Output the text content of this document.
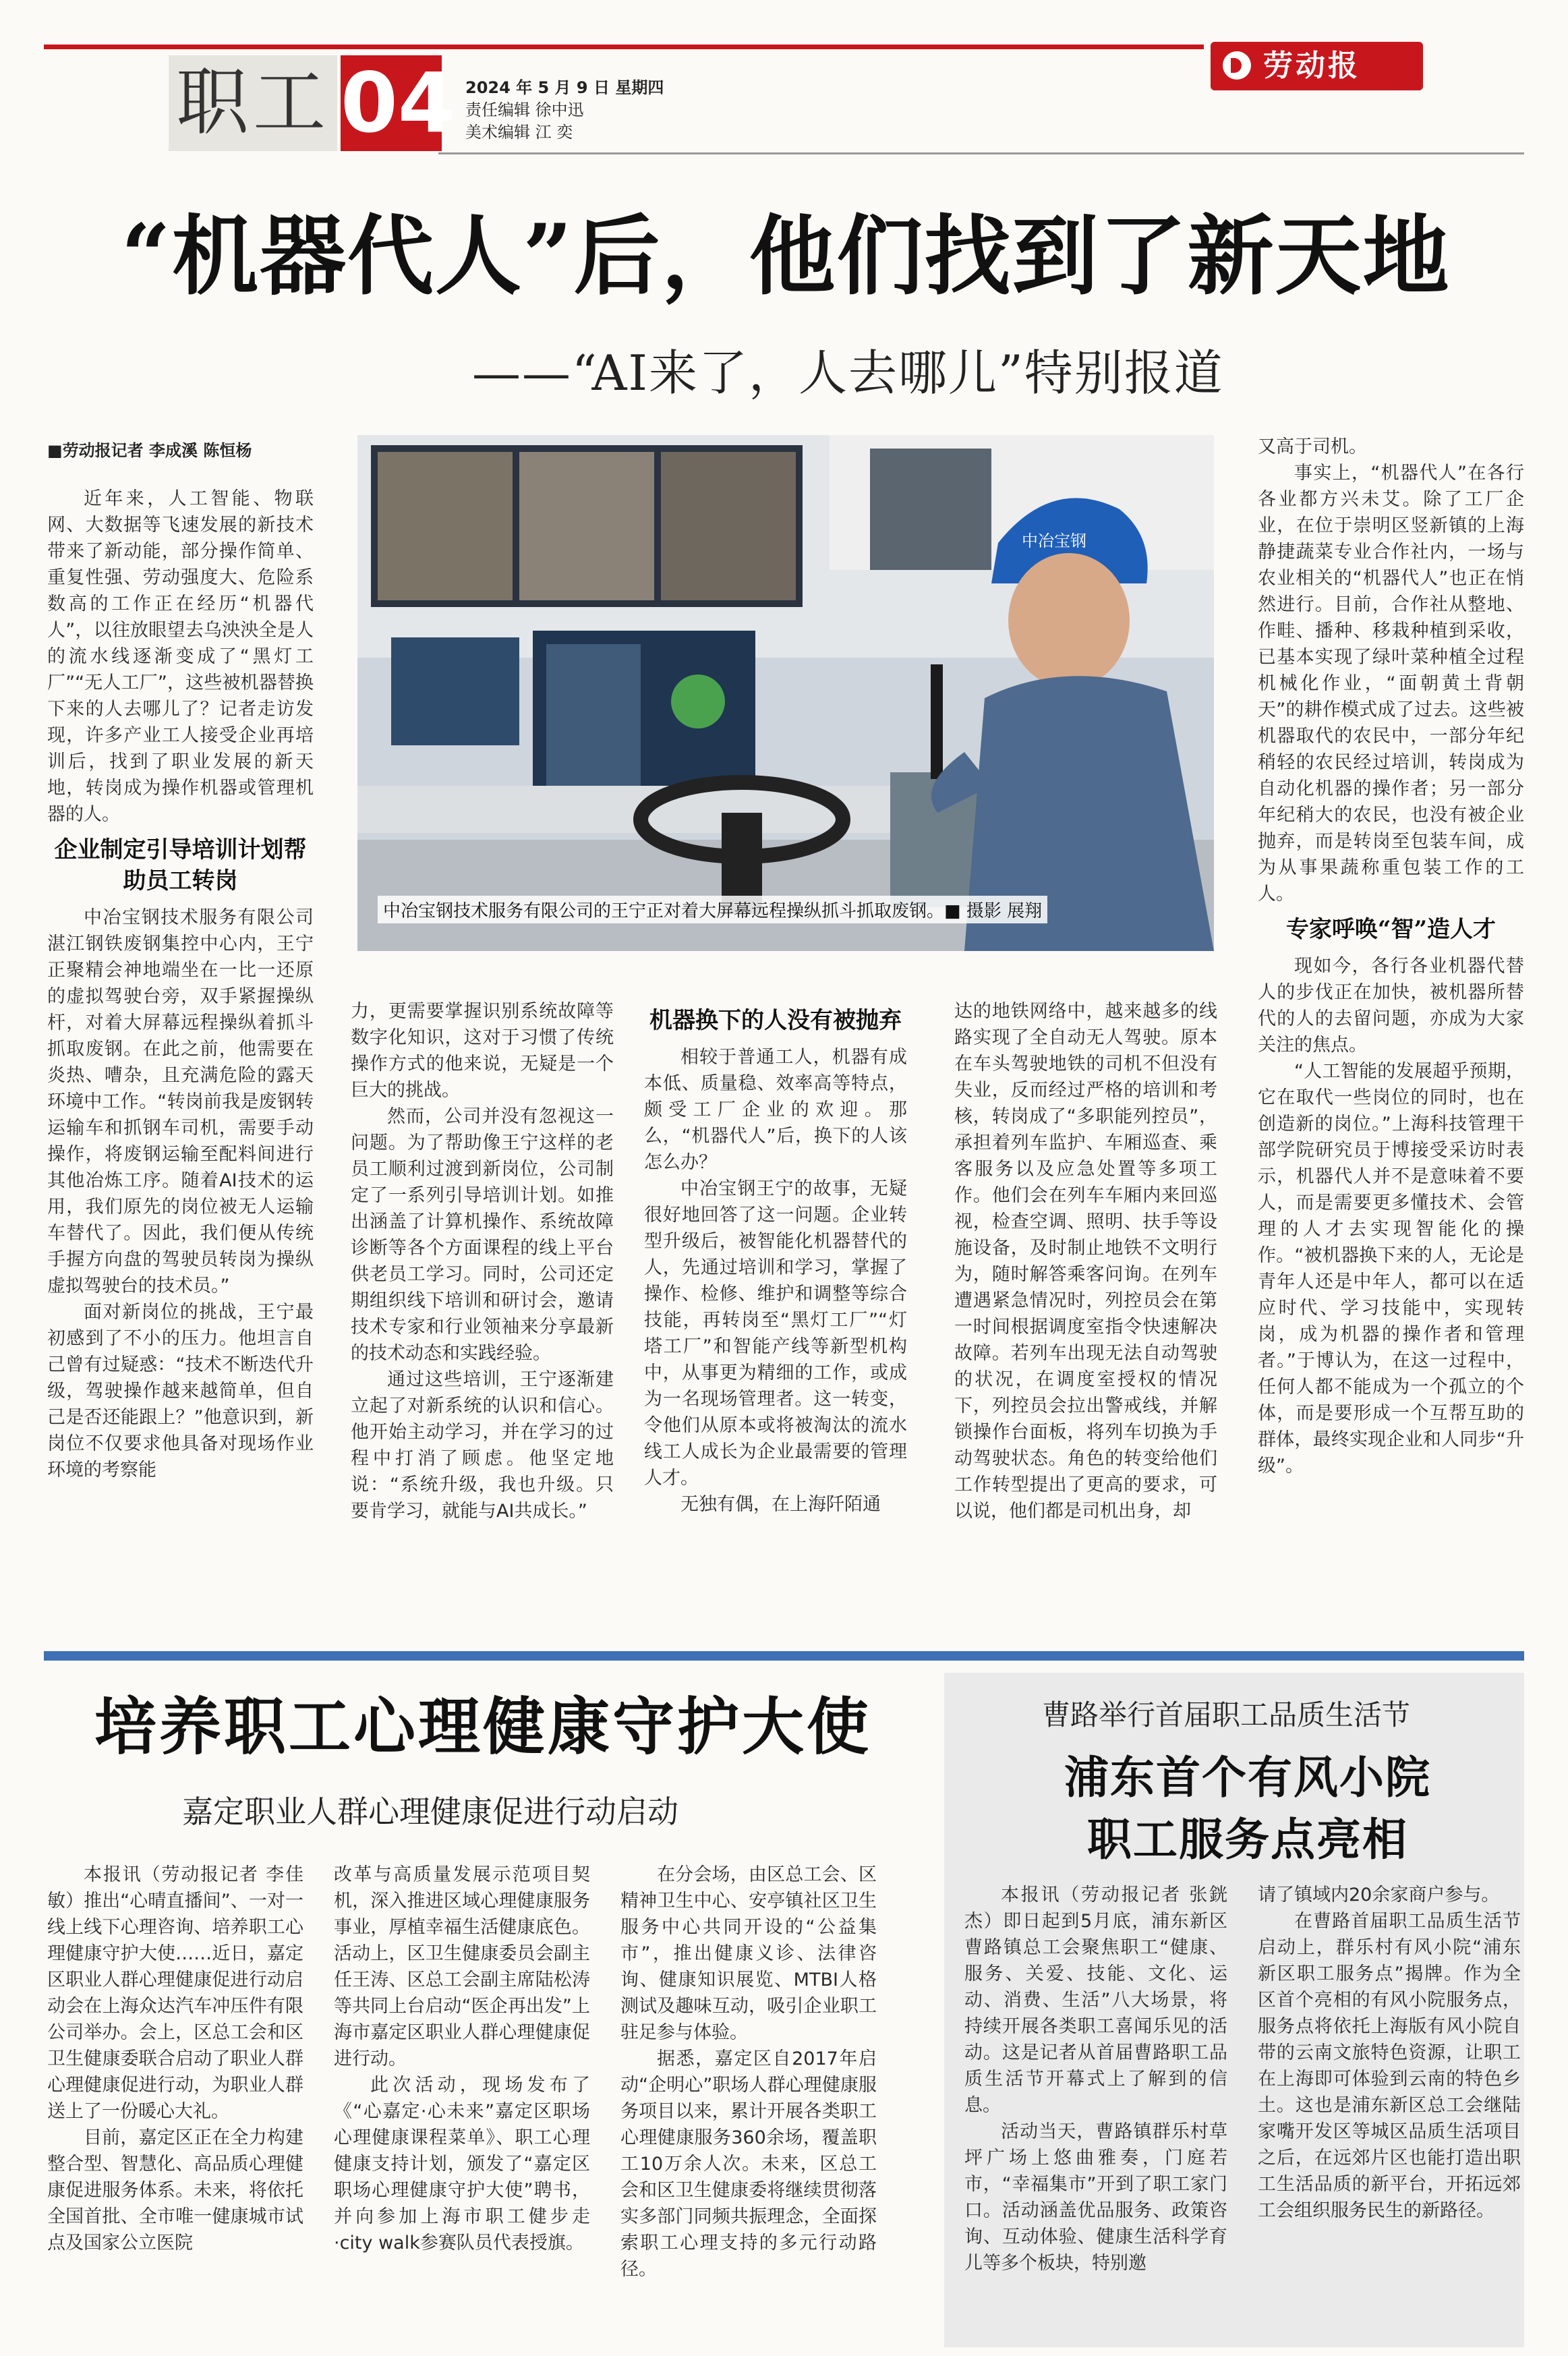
职工 04 2024 年 5 月 9 日 星期四
责任编辑 徐中迅
美术编辑 江 奕
劳动报
“机器代人”后，他们找到了新天地
——“AI来了，人去哪儿”特别报道
■劳动报记者 李成溪 陈恒杨
中冶宝钢
中冶宝钢技术服务有限公司的王宁正对着大屏幕远程操纵抓斗抓取废钢。■ 摄影 展翔

近年来，人工智能、物联网、大数据等飞速发展的新技术带来了新动能，部分操作简单、重复性强、劳动强度大、危险系数高的工作正在经历“机器代人”，以往放眼望去乌泱泱全是人的流水线逐渐变成了“黑灯工厂”“无人工厂”，这些被机器替换下来的人去哪儿了？记者走访发现，许多产业工人接受企业再培训后，找到了职业发展的新天地，转岗成为操作机器或管理机器的人。

企业制定引导培训计划帮助员工转岗

中冶宝钢技术服务有限公司湛江钢铁废钢集控中心内，王宁正聚精会神地端坐在一比一还原的虚拟驾驶台旁，双手紧握操纵杆，对着大屏幕远程操纵着抓斗抓取废钢。在此之前，他需要在炎热、嘈杂，且充满危险的露天环境中工作。“转岗前我是废钢转运输车和抓钢车司机，需要手动操作，将废钢运输至配料间进行其他冶炼工序。随着AI技术的运用，我们原先的岗位被无人运输车替代了。因此，我们便从传统手握方向盘的驾驶员转岗为操纵虚拟驾驶台的技术员。”

面对新岗位的挑战，王宁最初感到了不小的压力。他坦言自己曾有过疑惑：“技术不断迭代升级，驾驶操作越来越简单，但自己是否还能跟上？”他意识到，新岗位不仅要求他具备对现场作业环境的考察能

力，更需要掌握识别系统故障等数字化知识，这对于习惯了传统操作方式的他来说，无疑是一个巨大的挑战。

然而，公司并没有忽视这一问题。为了帮助像王宁这样的老员工顺利过渡到新岗位，公司制定了一系列引导培训计划。如推出涵盖了计算机操作、系统故障诊断等各个方面课程的线上平台供老员工学习。同时，公司还定期组织线下培训和研讨会，邀请技术专家和行业领袖来分享最新的技术动态和实践经验。

通过这些培训，王宁逐渐建立起了对新系统的认识和信心。他开始主动学习，并在学习的过程中打消了顾虑。他坚定地说：“系统升级，我也升级。只要肯学习，就能与AI共成长。”

机器换下的人没有被抛弃

相较于普通工人，机器有成本低、质量稳、效率高等特点，颇受工厂企业的欢迎。那么，“机器代人”后，换下的人该怎么办？

中冶宝钢王宁的故事，无疑很好地回答了这一问题。企业转型升级后，被智能化机器替代的人，先通过培训和学习，掌握了操作、检修、维护和调整等综合技能，再转岗至“黑灯工厂”“灯塔工厂”和智能产线等新型机构中，从事更为精细的工作，或成为一名现场管理者。这一转变，令他们从原本或将被淘汰的流水线工人成长为企业最需要的管理人才。

无独有偶，在上海阡陌通

达的地铁网络中，越来越多的线路实现了全自动无人驾驶。原本在车头驾驶地铁的司机不但没有失业，反而经过严格的培训和考核，转岗成了“多职能列控员”，承担着列车监护、车厢巡查、乘客服务以及应急处置等多项工作。他们会在列车车厢内来回巡视，检查空调、照明、扶手等设施设备，及时制止地铁不文明行为，随时解答乘客问询。在列车遭遇紧急情况时，列控员会在第一时间根据调度室指令快速解决故障。若列车出现无法自动驾驶的状况，在调度室授权的情况下，列控员会拉出警戒线，并解锁操作台面板，将列车切换为手动驾驶状态。角色的转变给他们工作转型提出了更高的要求，可以说，他们都是司机出身，却

又高于司机。

事实上，“机器代人”在各行各业都方兴未艾。除了工厂企业，在位于崇明区竖新镇的上海静捷蔬菜专业合作社内，一场与农业相关的“机器代人”也正在悄然进行。目前，合作社从整地、作畦、播种、移栽种植到采收，已基本实现了绿叶菜种植全过程机械化作业，“面朝黄土背朝天”的耕作模式成了过去。这些被机器取代的农民中，一部分年纪稍轻的农民经过培训，转岗成为自动化机器的操作者；另一部分年纪稍大的农民，也没有被企业抛弃，而是转岗至包装车间，成为从事果蔬称重包装工作的工人。

专家呼唤“智”造人才

现如今，各行各业机器代替人的步伐正在加快，被机器所替代的人的去留问题，亦成为大家关注的焦点。

“人工智能的发展超乎预期，它在取代一些岗位的同时，也在创造新的岗位。”上海科技管理干部学院研究员于博接受采访时表示，机器代人并不是意味着不要人，而是需要更多懂技术、会管理的人才去实现智能化的操作。“被机器换下来的人，无论是青年人还是中年人，都可以在适应时代、学习技能中，实现转岗，成为机器的操作者和管理者。”于博认为，在这一过程中，任何人都不能成为一个孤立的个体，而是要形成一个互帮互助的群体，最终实现企业和人同步“升级”。

培养职工心理健康守护大使
嘉定职业人群心理健康促进行动启动

本报讯（劳动报记者 李佳敏）推出“心晴直播间”、一对一线上线下心理咨询、培养职工心理健康守护大使……近日，嘉定区职业人群心理健康促进行动启动会在上海众达汽车冲压件有限公司举办。会上，区总工会和区卫生健康委联合启动了职业人群心理健康促进行动，为职业人群送上了一份暖心大礼。

目前，嘉定区正在全力构建整合型、智慧化、高品质心理健康促进服务体系。未来，将依托全国首批、全市唯一健康城市试点及国家公立医院

改革与高质量发展示范项目契机，深入推进区域心理健康服务事业，厚植幸福生活健康底色。活动上，区卫生健康委员会副主任王涛、区总工会副主席陆松涛等共同上台启动“医企再出发”上海市嘉定区职业人群心理健康促进行动。

此次活动，现场发布了《“心嘉定·心未来”嘉定区职场心理健康课程菜单》、职工心理健康支持计划，颁发了“嘉定区职场心理健康守护大使”聘书，并向参加上海市职工健步走·city walk参赛队员代表授旗。

在分会场，由区总工会、区精神卫生中心、安亭镇社区卫生服务中心共同开设的“公益集市”，推出健康义诊、法律咨询、健康知识展览、MTBI人格测试及趣味互动，吸引企业职工驻足参与体验。

据悉，嘉定区自2017年启动“企明心”职场人群心理健康服务项目以来，累计开展各类职工心理健康服务360余场，覆盖职工10万余人次。未来，区总工会和区卫生健康委将继续贯彻落实多部门同频共振理念，全面探索职工心理支持的多元行动路径。

曹路举行首届职工品质生活节
浦东首个有风小院
职工服务点亮相

本报讯（劳动报记者 张銧杰）即日起到5月底，浦东新区曹路镇总工会聚焦职工“健康、服务、关爱、技能、文化、运动、消费、生活”八大场景，将持续开展各类职工喜闻乐见的活动。这是记者从首届曹路职工品质生活节开幕式上了解到的信息。

活动当天，曹路镇群乐村草坪广场上悠曲雅奏，门庭若市，“幸福集市”开到了职工家门口。活动涵盖优品服务、政策咨询、互动体验、健康生活科学育儿等多个板块，特别邀

请了镇域内20余家商户参与。

在曹路首届职工品质生活节启动上，群乐村有风小院“浦东新区职工服务点”揭牌。作为全区首个亮相的有风小院服务点，服务点将依托上海版有风小院自带的云南文旅特色资源，让职工在上海即可体验到云南的特色乡土。这也是浦东新区总工会继陆家嘴开发区等城区品质生活项目之后，在远郊片区也能打造出职工生活品质的新平台，开拓远郊工会组织服务民生的新路径。
